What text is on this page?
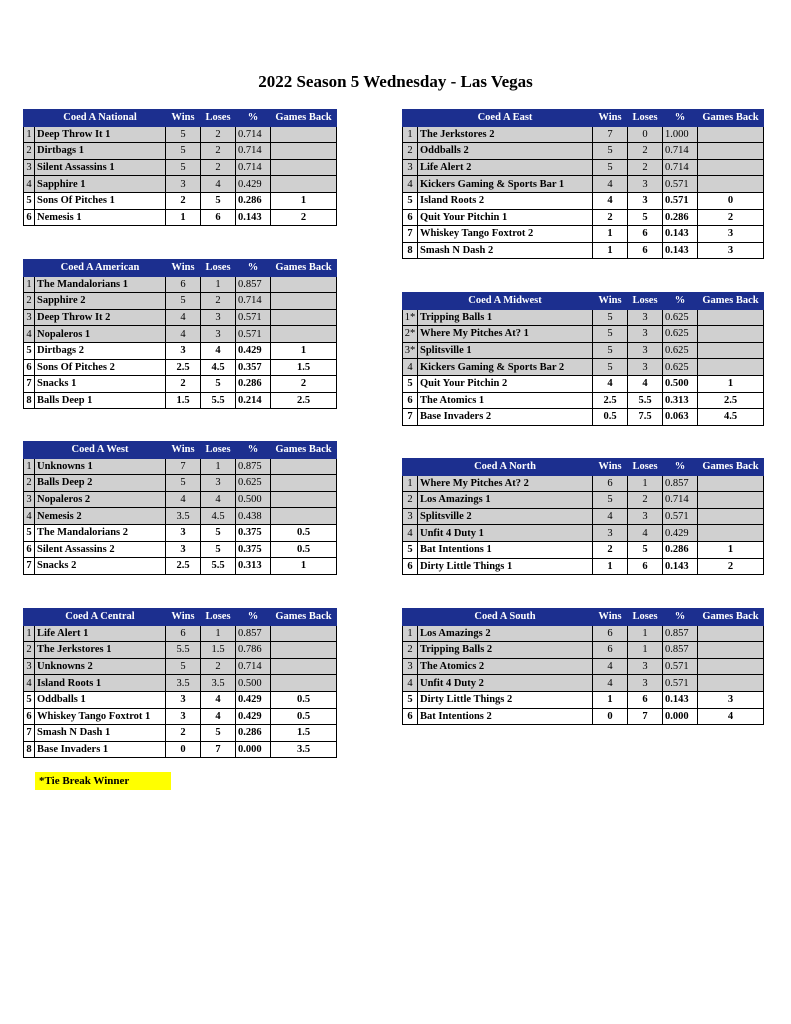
2022 Season 5 Wednesday - Las Vegas
	Coed A National	Wins	Loses	%	Games Back
1	Deep Throw It 1	5	2	0.714	
2	Dirtbags 1	5	2	0.714	
3	Silent Assassins 1	5	2	0.714	
4	Sapphire 1	3	4	0.429	
5	Sons Of Pitches 1	2	5	0.286	1
6	Nemesis 1	1	6	0.143	2
	Coed A American	Wins	Loses	%	Games Back
1	The Mandalorians 1	6	1	0.857	
2	Sapphire 2	5	2	0.714	
3	Deep Throw It 2	4	3	0.571	
4	Nopaleros 1	4	3	0.571	
5	Dirtbags 2	3	4	0.429	1
6	Sons Of Pitches 2	2.5	4.5	0.357	1.5
7	Snacks 1	2	5	0.286	2
8	Balls Deep 1	1.5	5.5	0.214	2.5
	Coed A West	Wins	Loses	%	Games Back
1	Unknowns 1	7	1	0.875	
2	Balls Deep 2	5	3	0.625	
3	Nopaleros 2	4	4	0.500	
4	Nemesis 2	3.5	4.5	0.438	
5	The Mandalorians 2	3	5	0.375	0.5
6	Silent Assassins 2	3	5	0.375	0.5
7	Snacks 2	2.5	5.5	0.313	1
	Coed A Central	Wins	Loses	%	Games Back
1	Life Alert 1	6	1	0.857	
2	The Jerkstores 1	5.5	1.5	0.786	
3	Unknowns 2	5	2	0.714	
4	Island Roots 1	3.5	3.5	0.500	
5	Oddballs 1	3	4	0.429	0.5
6	Whiskey Tango Foxtrot 1	3	4	0.429	0.5
7	Smash N Dash 1	2	5	0.286	1.5
8	Base Invaders 1	0	7	0.000	3.5
	Coed A East	Wins	Loses	%	Games Back
1	The Jerkstores 2	7	0	1.000	
2	Oddballs 2	5	2	0.714	
3	Life Alert 2	5	2	0.714	
4	Kickers Gaming & Sports Bar 1	4	3	0.571	
5	Island Roots 2	4	3	0.571	0
6	Quit Your Pitchin 1	2	5	0.286	2
7	Whiskey Tango Foxtrot 2	1	6	0.143	3
8	Smash N Dash 2	1	6	0.143	3
	Coed A Midwest	Wins	Loses	%	Games Back
1*	Tripping Balls 1	5	3	0.625	
2*	Where My Pitches At? 1	5	3	0.625	
3*	Splitsville 1	5	3	0.625	
4	Kickers Gaming & Sports Bar 2	5	3	0.625	
5	Quit Your Pitchin 2	4	4	0.500	1
6	The Atomics 1	2.5	5.5	0.313	2.5
7	Base Invaders 2	0.5	7.5	0.063	4.5
	Coed A North	Wins	Loses	%	Games Back
1	Where My Pitches At? 2	6	1	0.857	
2	Los Amazings 1	5	2	0.714	
3	Splitsville 2	4	3	0.571	
4	Unfit 4 Duty 1	3	4	0.429	
5	Bat Intentions 1	2	5	0.286	1
6	Dirty Little Things 1	1	6	0.143	2
	Coed A South	Wins	Loses	%	Games Back
1	Los Amazings 2	6	1	0.857	
2	Tripping Balls 2	6	1	0.857	
3	The Atomics 2	4	3	0.571	
4	Unfit 4 Duty 2	4	3	0.571	
5	Dirty Little Things 2	1	6	0.143	3
6	Bat Intentions 2	0	7	0.000	4
*Tie Break Winner
